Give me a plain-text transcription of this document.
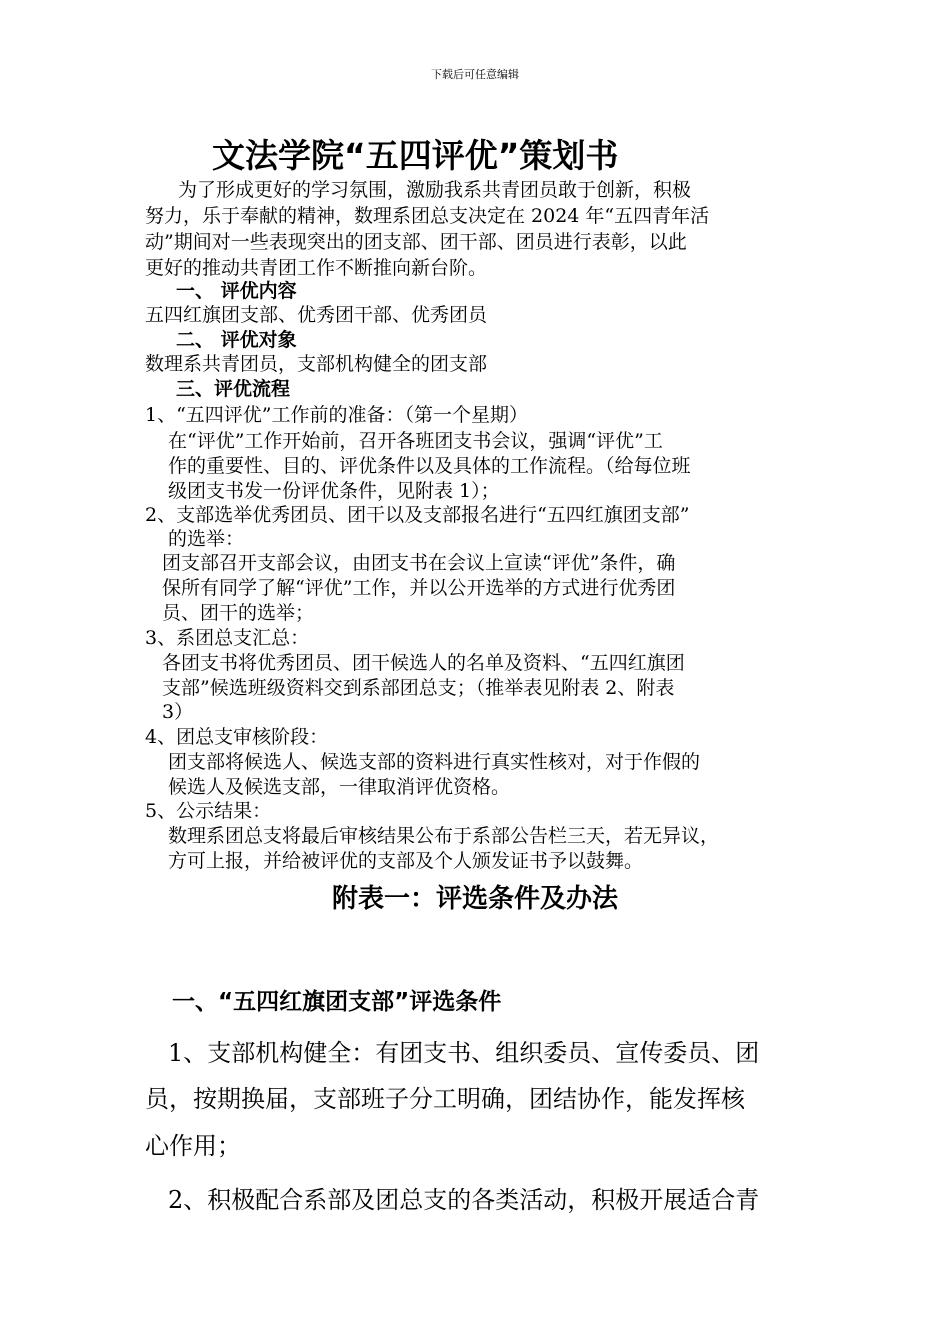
下载后可任意编辑
文法学院“五四评优”策划书
为了形成更好的学习氛围，激励我系共青团员敢于创新，积极
努力，乐于奉献的精神，数理系团总支决定在 2024 年“五四青年活
动”期间对一些表现突出的团支部、团干部、团员进行表彰，以此
更好的推动共青团工作不断推向新台阶。
一、 评优内容
五四红旗团支部、优秀团干部、优秀团员
二、 评优对象
数理系共青团员，支部机构健全的团支部
三、评优流程
1、“五四评优”工作前的准备：（第一个星期）
在“评优”工作开始前，召开各班团支书会议，强调“评优”工
作的重要性、目的、评优条件以及具体的工作流程。（给每位班
级团支书发一份评优条件，见附表 1）；
2、支部选举优秀团员、团干以及支部报名进行“五四红旗团支部”
的选举：
团支部召开支部会议，由团支书在会议上宣读“评优”条件，确
保所有同学了解“评优”工作，并以公开选举的方式进行优秀团
员、团干的选举；
3、系团总支汇总：
各团支书将优秀团员、团干候选人的名单及资料、“五四红旗团
支部”候选班级资料交到系部团总支；（推举表见附表 2、附表
3）
4、团总支审核阶段：
团支部将候选人、候选支部的资料进行真实性核对，对于作假的
候选人及候选支部，一律取消评优资格。
5、公示结果：
数理系团总支将最后审核结果公布于系部公告栏三天，若无异议，
方可上报，并给被评优的支部及个人颁发证书予以鼓舞。
附表一：评选条件及办法
一、“五四红旗团支部”评选条件
1、支部机构健全：有团支书、组织委员、宣传委员、团
员，按期换届，支部班子分工明确，团结协作，能发挥核
心作用；
2、积极配合系部及团总支的各类活动，积极开展适合青
